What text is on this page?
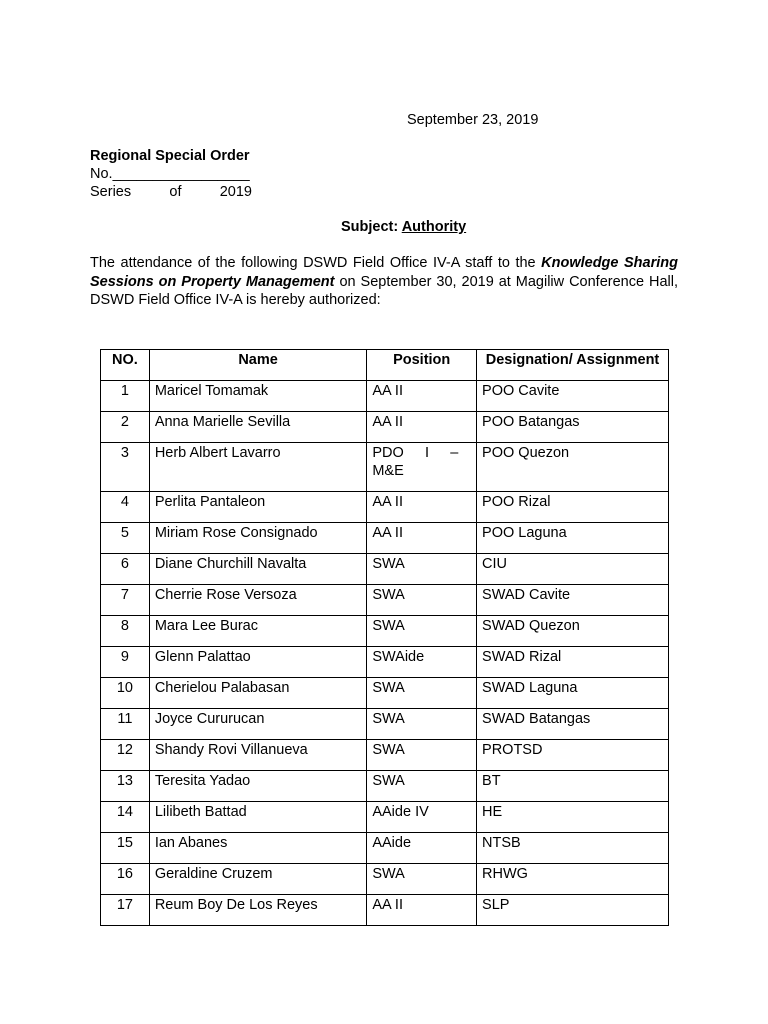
September 23, 2019
Regional Special Order
No._________________
Series	of	2019
Subject: Authority
The attendance of the following DSWD Field Office IV-A staff to the Knowledge Sharing Sessions on Property Management on September 30, 2019 at Magiliw Conference Hall, DSWD Field Office IV-A is hereby authorized:
NO.	Name	Position	Designation/ Assignment
1	Maricel Tomamak	AA II	POO Cavite
2	Anna Marielle Sevilla	AA II	POO Batangas
3	Herb Albert Lavarro	PDO I –
M&E	POO Quezon
4	Perlita Pantaleon	AA II	POO Rizal
5	Miriam Rose Consignado	AA II	POO Laguna
6	Diane Churchill Navalta	SWA	CIU
7	Cherrie Rose Versoza	SWA	SWAD Cavite
8	Mara Lee Burac	SWA	SWAD Quezon
9	Glenn Palattao	SWAide	SWAD Rizal
10	Cherielou Palabasan	SWA	SWAD Laguna
11	Joyce Cururucan	SWA	SWAD Batangas
12	Shandy Rovi Villanueva	SWA	PROTSD
13	Teresita Yadao	SWA	BT
14	Lilibeth Battad	AAide IV	HE
15	Ian Abanes	AAide	NTSB
16	Geraldine Cruzem	SWA	RHWG
17	Reum Boy De Los Reyes	AA II	SLP
